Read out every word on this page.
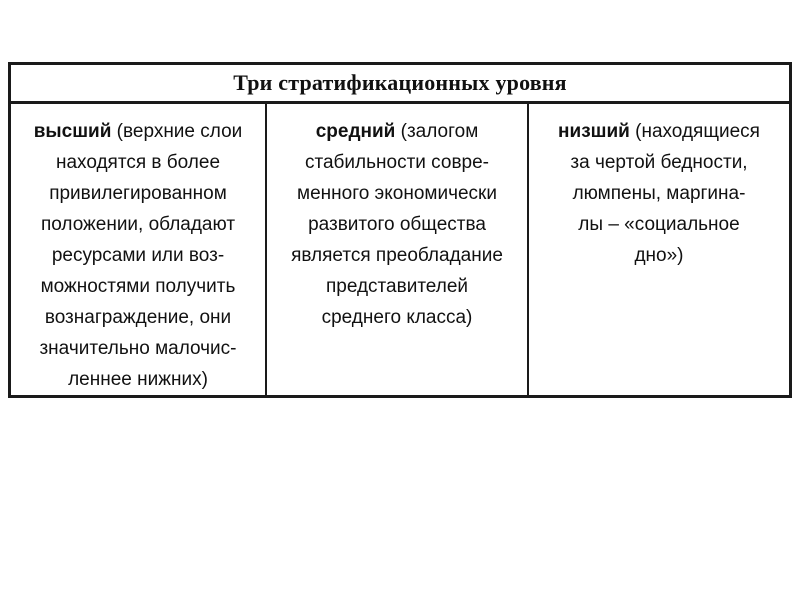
Три стратификационных уровня
высший (верхние слои
находятся в более
привилегированном
положении, обладают
ресурсами или воз-
можностями получить
вознаграждение, они
значительно малочис-
леннее нижних)
средний (залогом
стабильности совре-
менного экономически
развитого общества
является преобладание
представителей
среднего класса)
низший (находящиеся
за чертой бедности,
люмпены, маргина-
лы – «социальное
дно»)
